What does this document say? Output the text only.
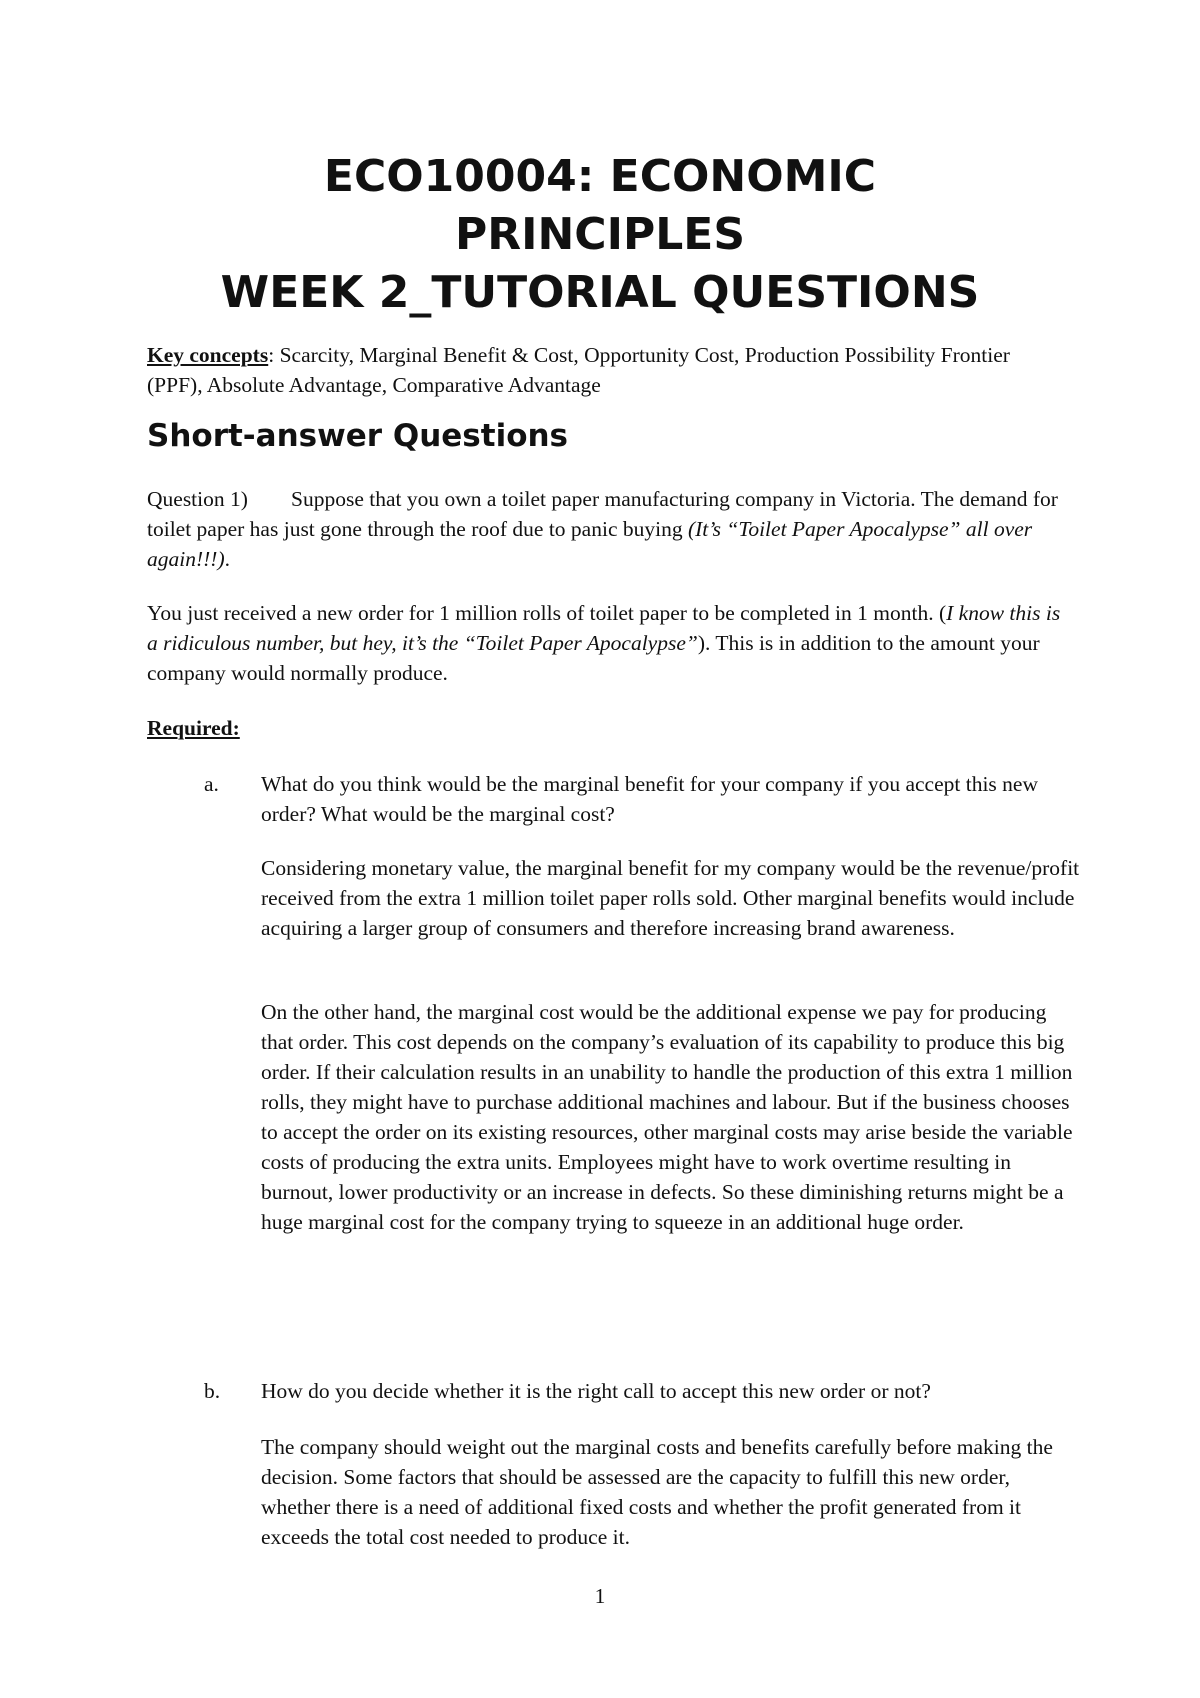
ECO10004: ECONOMIC
PRINCIPLES
WEEK 2_TUTORIAL QUESTIONS
Key concepts: Scarcity, Marginal Benefit & Cost, Opportunity Cost, Production Possibility Frontier (PPF), Absolute Advantage, Comparative Advantage
Short-answer Questions
Question 1) Suppose that you own a toilet paper manufacturing company in Victoria. The demand for toilet paper has just gone through the roof due to panic buying (It’s “Toilet Paper Apocalypse” all over again!!!).
You just received a new order for 1 million rolls of toilet paper to be completed in 1 month. (I know this is a ridiculous number, but hey, it’s the “Toilet Paper Apocalypse”). This is in addition to the amount your company would normally produce.
Required:
a. What do you think would be the marginal benefit for your company if you accept this new order? What would be the marginal cost?
Considering monetary value, the marginal benefit for my company would be the revenue/profit received from the extra 1 million toilet paper rolls sold. Other marginal benefits would include acquiring a larger group of consumers and therefore increasing brand awareness.
On the other hand, the marginal cost would be the additional expense we pay for producing that order. This cost depends on the company’s evaluation of its capability to produce this big order. If their calculation results in an unability to handle the production of this extra 1 million rolls, they might have to purchase additional machines and labour. But if the business chooses to accept the order on its existing resources, other marginal costs may arise beside the variable costs of producing the extra units. Employees might have to work overtime resulting in burnout, lower productivity or an increase in defects. So these diminishing returns might be a huge marginal cost for the company trying to squeeze in an additional huge order.
b. How do you decide whether it is the right call to accept this new order or not?
The company should weight out the marginal costs and benefits carefully before making the decision. Some factors that should be assessed are the capacity to fulfill this new order, whether there is a need of additional fixed costs and whether the profit generated from it exceeds the total cost needed to produce it.
1
